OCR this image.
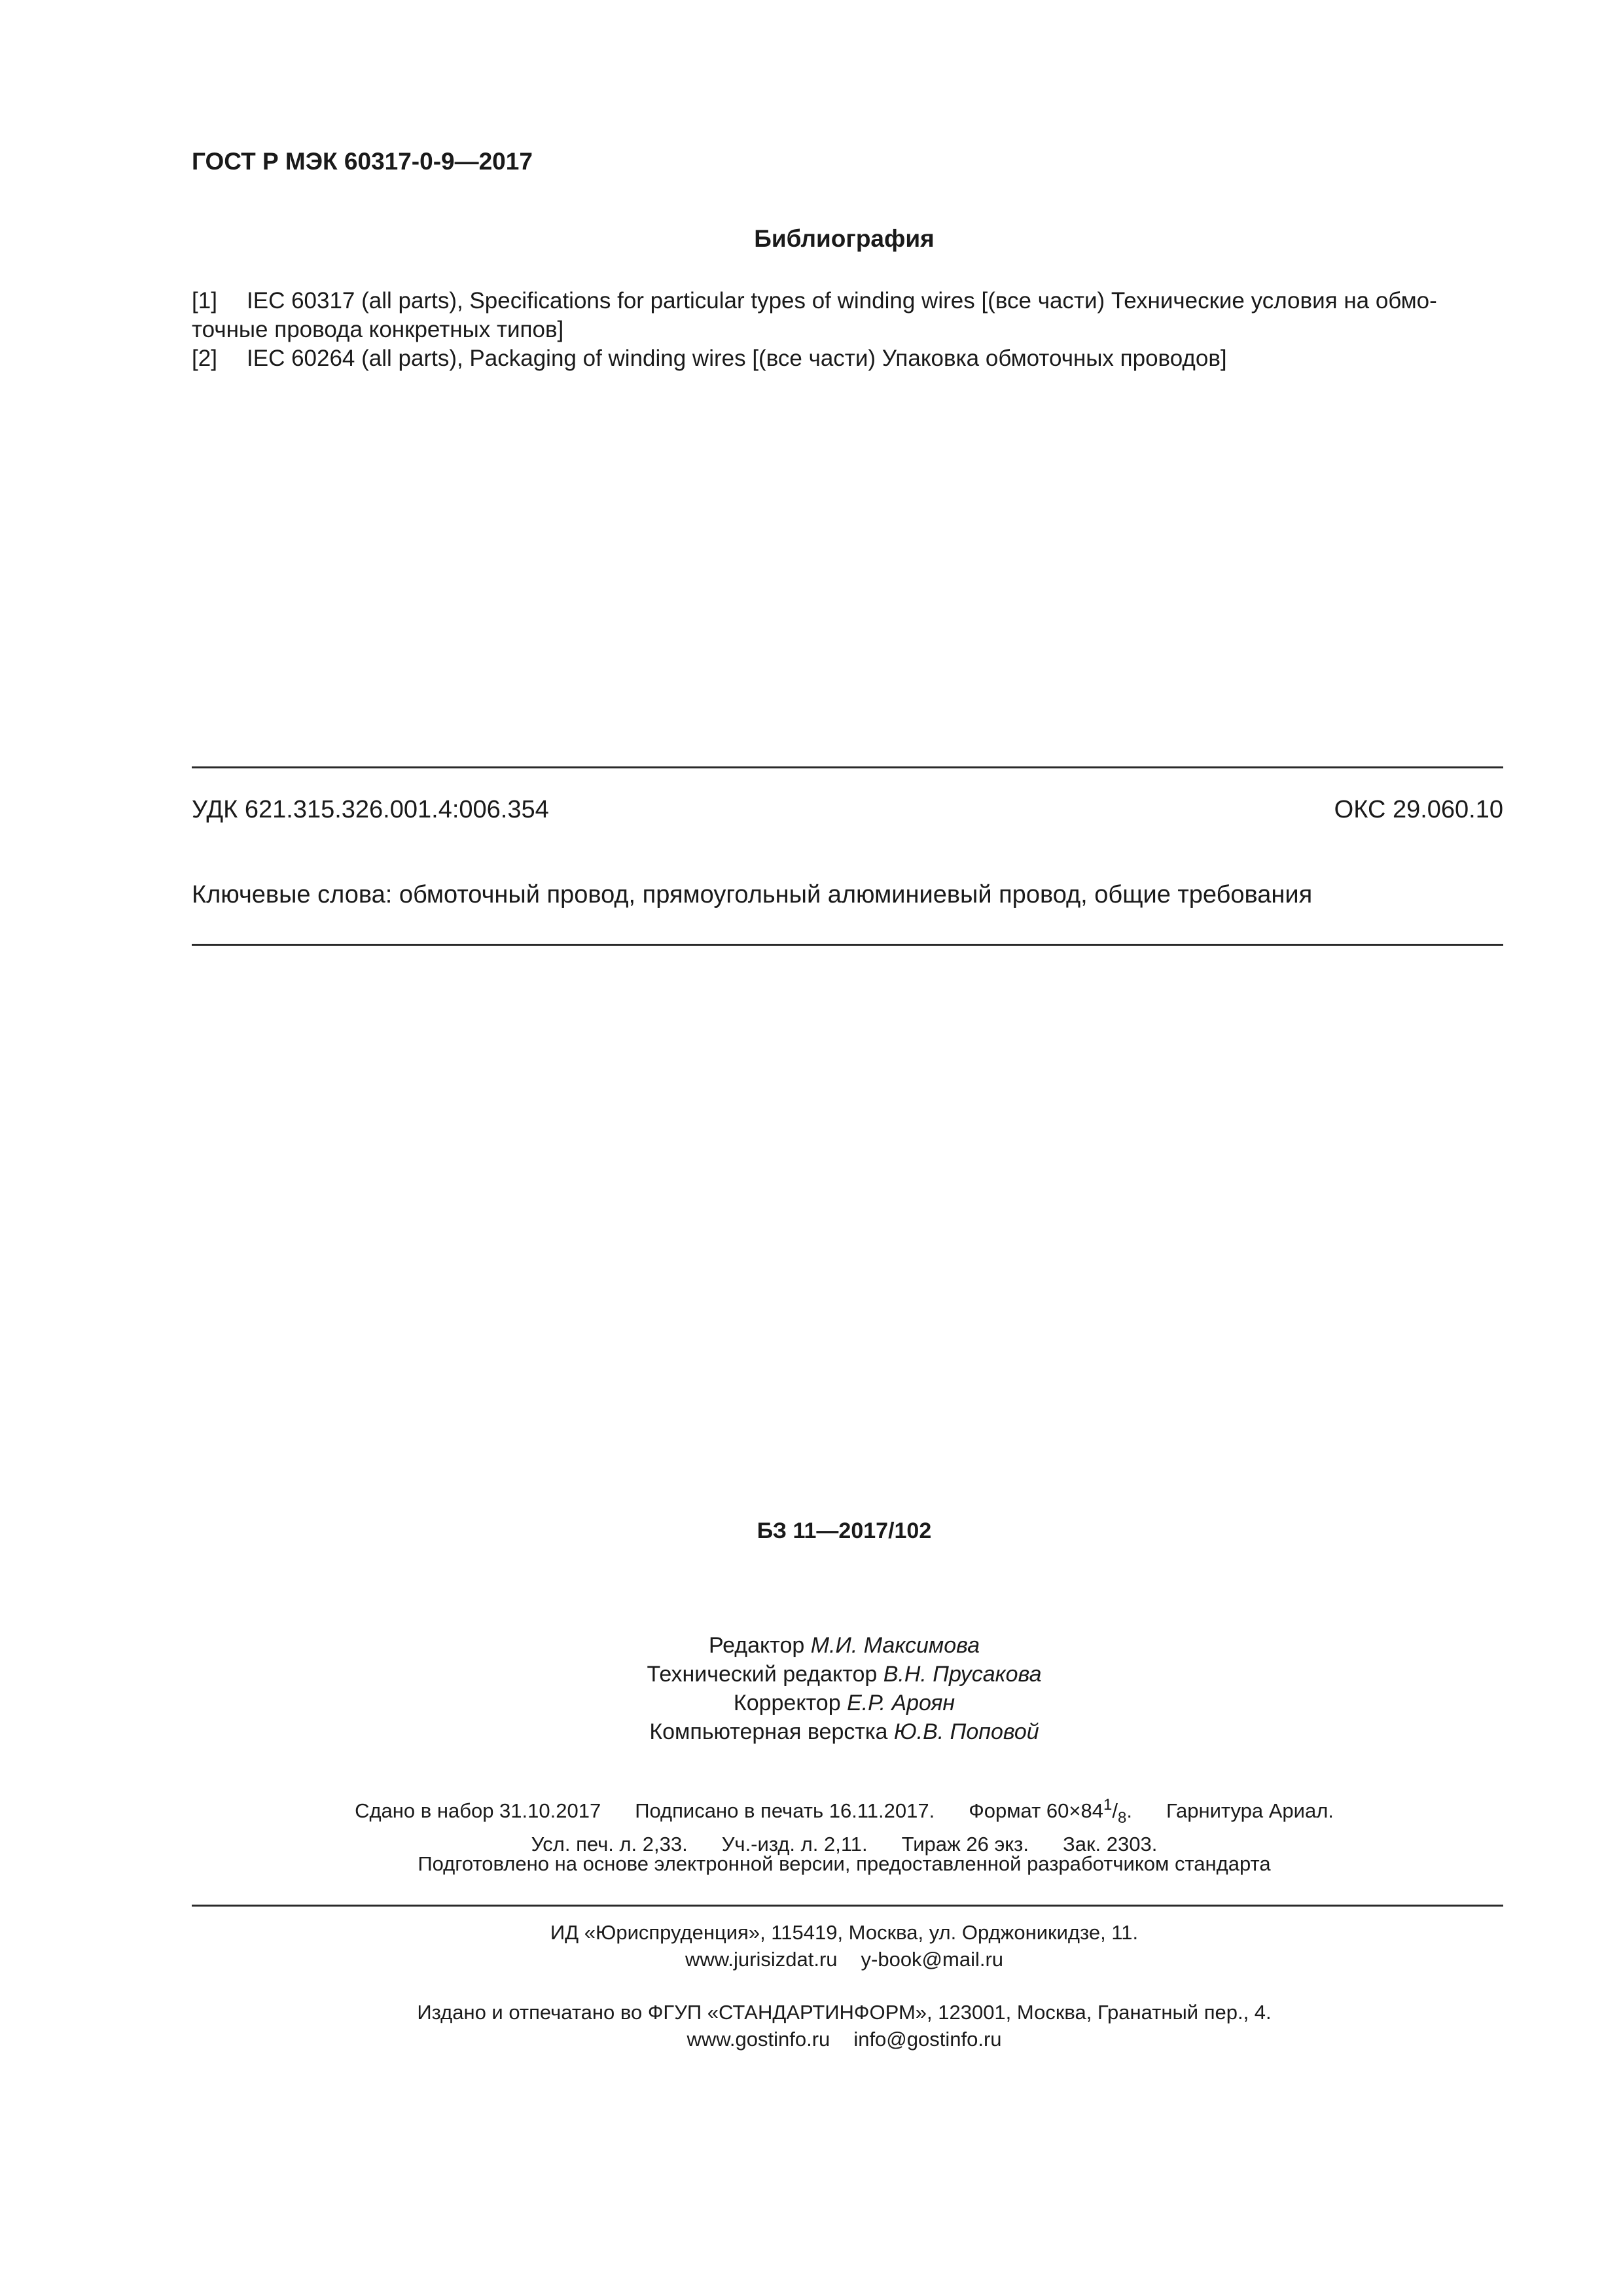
ГОСТ Р МЭК 60317-0-9—2017
Библиография
[1]	IEC 60317 (all parts), Specifications for particular types of winding wires [(все части) Технические условия на обмо-
точные провода конкретных типов]
[2]	IEC 60264 (all parts), Packaging of winding wires [(все части) Упаковка обмоточных проводов]
УДК 621.315.326.001.4:006.354	ОКС 29.060.10
Ключевые слова: обмоточный провод, прямоугольный алюминиевый провод, общие требования
БЗ 11—2017/102
Редактор М.И. Максимова
Технический редактор В.Н. Прусакова
Корректор Е.Р. Ароян
Компьютерная верстка Ю.В. Поповой
Сдано в набор 31.10.2017 Подписано в печать 16.11.2017. Формат $60\times 84^1/_8$. Гарнитура Ариал.
Усл. печ. л. 2,33. Уч.-изд. л. 2,11. Тираж 26 экз. Зак. 2303.
Подготовлено на основе электронной версии, предоставленной разработчиком стандарта
ИД «Юриспруденция», 115419, Москва, ул. Орджоникидзе, 11.
www.jurisizdat.ru y-book@mail.ru
Издано и отпечатано во ФГУП «СТАНДАРТИНФОРМ», 123001, Москва, Гранатный пер., 4.
www.gostinfo.ru info@gostinfo.ru
